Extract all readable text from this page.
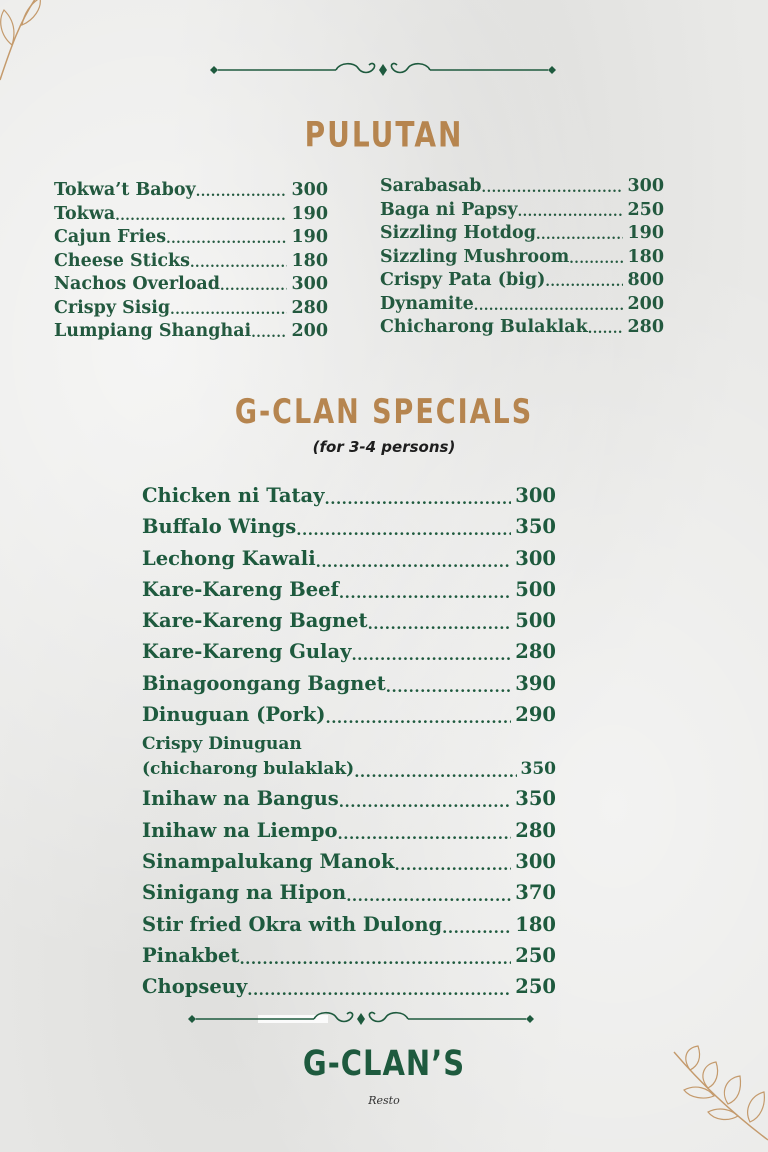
PULUTAN
Tokwa’t Baboy .....	300
Tokwa .....	190
Cajun Fries .....	190
Cheese Sticks .....	180
Nachos Overload .....	300
Crispy Sisig .....	280
Lumpiang Shanghai ..... 200
Sarabasab .....	300
Baga ni Papsy .....	250
Sizzling Hotdog .....	190
Sizzling Mushroom .....	180
Crispy Pata (big) .....	800
Dynamite .....	200
Chicharong Bulaklak ..... 280
G-CLAN SPECIALS
(for 3-4 persons)
Chicken ni Tatay .....	300
Buffalo Wings .....	350
Lechong Kawali .....	300
Kare-Kareng Beef .....	500
Kare-Kareng Bagnet .....	500
Kare-Kareng Gulay .....	280
Binagoongang Bagnet .....	390
Dinuguan (Pork) .....	290
Crispy Dinuguan
(chicharong bulaklak) .....	350
Inihaw na Bangus .....	350
Inihaw na Liempo .....	280
Sinampalukang Manok .....	300
Sinigang na Hipon .....	370
Stir fried Okra with Dulong .....	180
Pinakbet .....	250
Chopseuy .....	250
G-CLAN’S
Resto
